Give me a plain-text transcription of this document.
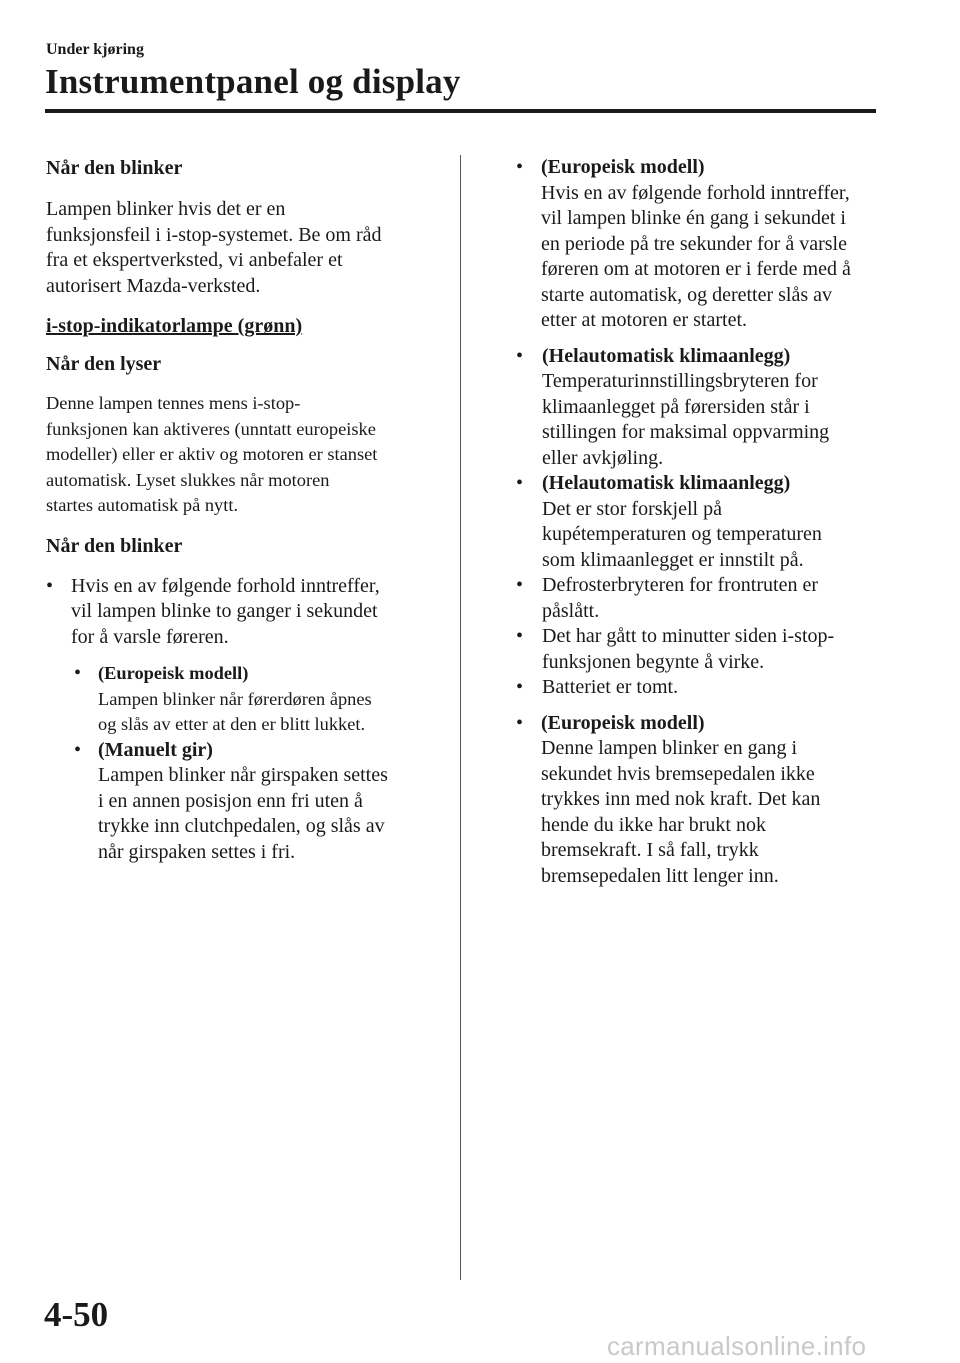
Under kjøring
Instrumentpanel og display

Når den blinker

Lampen blinker hvis det er en
funksjonsfeil i i-stop-systemet. Be om råd
fra et ekspertverksted, vi anbefaler et
autorisert Mazda-verksted.

i-stop-indikatorlampe (grønn)

Når den lyser

Denne lampen tennes mens i-stop-
funksjonen kan aktiveres (unntatt europeiske
modeller) eller er aktiv og motoren er stanset
automatisk. Lyset slukkes når motoren
startes automatisk på nytt.

Når den blinker

• Hvis en av følgende forhold inntreffer,
vil lampen blinke to ganger i sekundet
for å varsle føreren.

• (Europeisk modell)
Lampen blinker når førerdøren åpnes
og slås av etter at den er blitt lukket.

• (Manuelt gir)
Lampen blinker når girspaken settes
i en annen posisjon enn fri uten å
trykke inn clutchpedalen, og slås av
når girspaken settes i fri.

• (Europeisk modell)
Hvis en av følgende forhold inntreffer,
vil lampen blinke én gang i sekundet i
en periode på tre sekunder for å varsle
føreren om at motoren er i ferde med å
starte automatisk, og deretter slås av
etter at motoren er startet.

• (Helautomatisk klimaanlegg)
Temperaturinnstillingsbryteren for
klimaanlegget på førersiden står i
stillingen for maksimal oppvarming
eller avkjøling.

• (Helautomatisk klimaanlegg)
Det er stor forskjell på
kupétemperaturen og temperaturen
som klimaanlegget er innstilt på.

• Defrosterbryteren for frontruten er
påslått.

• Det har gått to minutter siden i-stop-
funksjonen begynte å virke.

• Batteriet er tomt.

• (Europeisk modell)
Denne lampen blinker en gang i
sekundet hvis bremsepedalen ikke
trykkes inn med nok kraft. Det kan
hende du ikke har brukt nok
bremsekraft. I så fall, trykk
bremsepedalen litt lenger inn.

4-50
carmanualsonline.info
